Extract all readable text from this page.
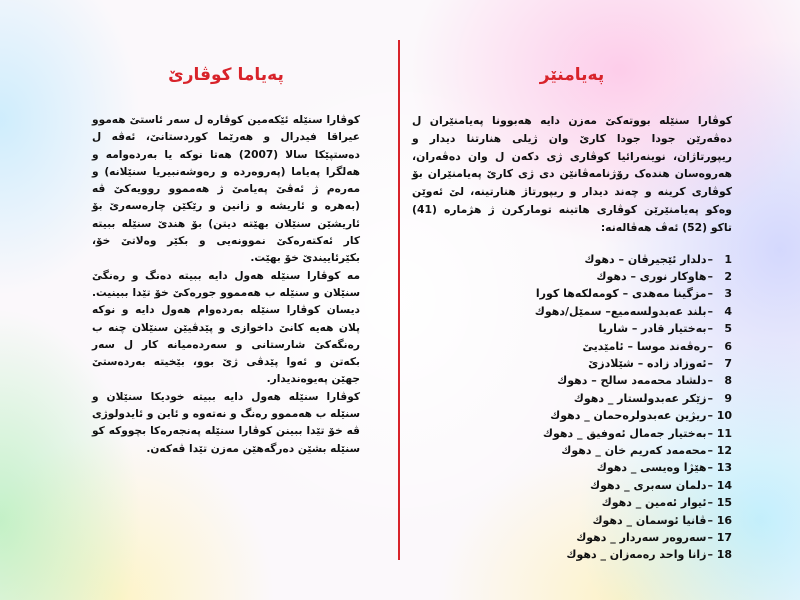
پەیاما کوڤارێ

کوڤارا سنێلە ئێکەمین کوڤارە ل سەر ئاستێ هەموو عیراقا فیدرال و هەرێما کوردستانێ، ئەڤە ل دەستپێکا سالا (2007) هەتا نوکە یا بەردەوامە و هەلگرا پەیاما (پەروەردە و رەوشەنبیریا سنێلانە) و مەرەم ژ ئەڤێ پەیامێ ژ هەمموو روویەکێ ڤە (بەهرە و ئاریشە و زانین و رێکێن چارەسەرێ بۆ ئاریشێن سنێلان بهێتە دیتن) بۆ هندێ سنێلە ببیتە کار ئەکتەرەکێ نموونەیی و بکێر وەلاتێ خۆ، بکێرئاییندێ خۆ بهێت.

مە کوڤارا سنێلە هەول دایە ببیتە دەنگ و رەنگێ سنێلان و سنێلە ب هەمموو جورەکێ خۆ تێدا ببینیت. دیسان کوڤارا سنێلە بەردەوام هەول دایە و نوکە پلان هەیە کانێ داخوازی و پێدڤیێن سنێلان چنە ب رەنگەکێ شارستانی و سەردەمیانە کار ل سەر بکەتن و ئەوا پێدڤی ژێ بوو، بێخیتە بەردەستێ جهێن پەیوەندیدار.

کوڤارا سنێلە هەول دایە ببیتە خودیکا سنێلان و سنێلە ب هەمموو رەنگ و نەتەوە و ئاین و ئایدولوژی ڤە خۆ تێدا ببینن کوڤارا سنێلە پەنجەرەکا بچووکە کو سنێلە بشێن دەرگەهێن مەزن تێدا ڤەکەن.

پەیامنێر

کوڤارا سنێلە بووتەکێ مەزن دایە هەبوونا پەیامنێران ل دەڤەرێن جودا جودا کارێ وان ژیلی هنارتنا دیدار و ریپورتاژان، نوینەرائیا کوڤاری ژی دکەن ل وان دەڤەران، هەروەسان هندەک رۆژنامەڤانێن دی ژی کارێ پەیامنێران بۆ کوڤاری کرینە و چەند دیدار و ریپورتاژ هنارتینە، لێ ئەوێن وەکو پەیامنێرێن کوڤاری هاتینە تومارکرن ژ هژمارە (41) تاکو (52) ئەڤ هەڤالەنە:

1
–
دلدار ئێجیرڤان – دهوك
2
–
هاوکار نوری – دهوك
3
–
مزگینا مەهدی – کومەلکەها کورا
4
–
بلند عەبدولسەمیع– سمێل/دهوك
5
–
بەختیار قادر – شاریا
6
–
رەڤەند موسا – ئامێدیێ
7
–
ئەوزاد زادە – شێلادزێ
8
–
دلشاد محەمەد سالح – دهوك
9
–
زێکر عەبدولستار _ دهوك
10
–
ریژین عەبدولرەحمان _ دهوك
11
–
بەختیار جەمال ئەوفیق _ دهوك
12
–
محەمەد کەریم خان _ دهوك
13
–
هێژا وەیسی _ دهوك
14
–
دلمان سەبری _ دهوك
15
–
ئیوار ئەمین _ دهوك
16
–
ڤانیا ئوسمان _ دهوك
17
–
سەروەر سەردار _ دهوك
18
–
زانا واحد رەمەزان _ دهوك
